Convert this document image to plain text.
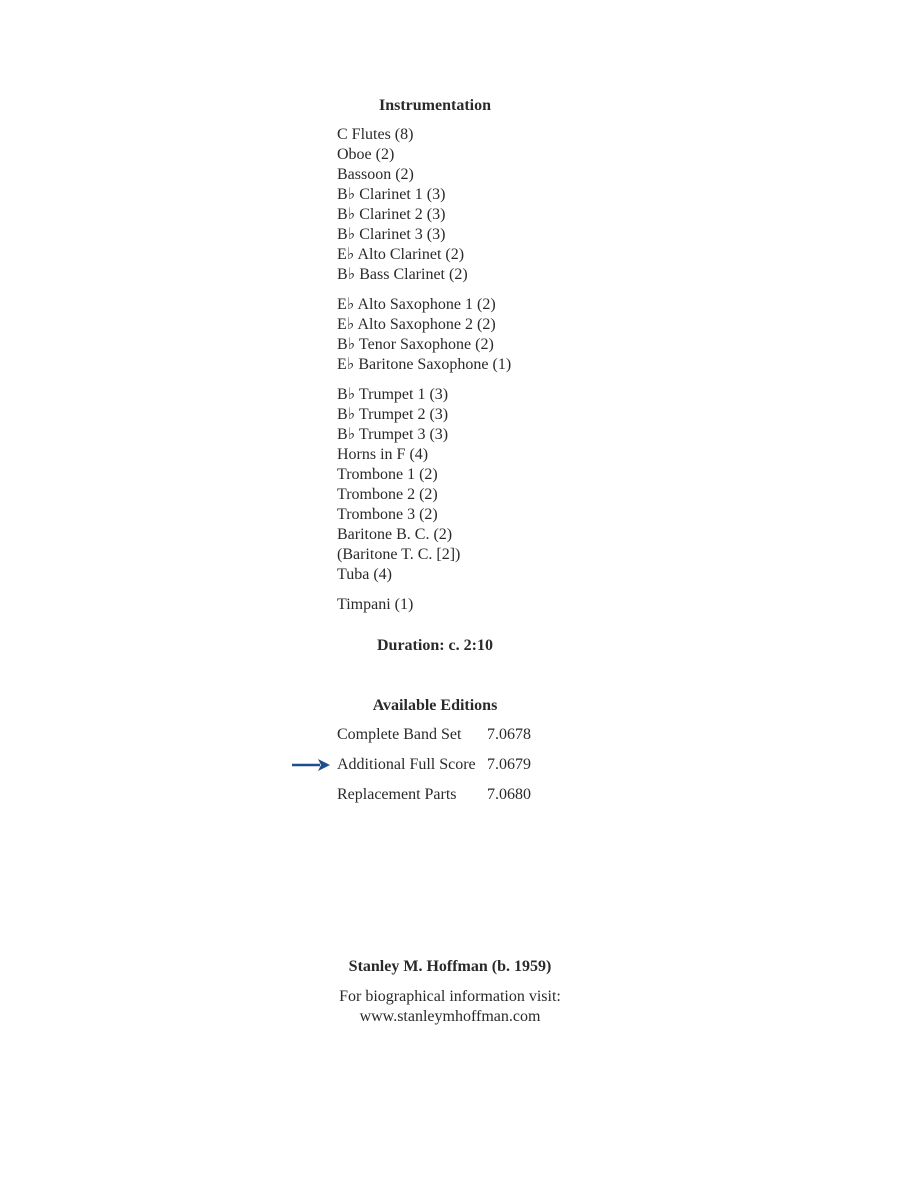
Instrumentation
C Flutes (8)
Oboe (2)
Bassoon (2)
B♭ Clarinet 1 (3)
B♭ Clarinet 2 (3)
B♭ Clarinet 3 (3)
E♭ Alto Clarinet (2)
B♭ Bass Clarinet (2)
E♭ Alto Saxophone 1 (2)
E♭ Alto Saxophone 2 (2)
B♭ Tenor Saxophone (2)
E♭ Baritone Saxophone (1)
B♭ Trumpet 1 (3)
B♭ Trumpet 2 (3)
B♭ Trumpet 3 (3)
Horns in F (4)
Trombone 1 (2)
Trombone 2 (2)
Trombone 3 (2)
Baritone B. C. (2)
(Baritone T. C. [2])
Tuba (4)
Timpani (1)
Duration: c. 2:10
Available Editions
Complete Band Set 7.0678
Additional Full Score 7.0679
Replacement Parts 7.0680
Stanley M. Hoffman (b. 1959)
For biographical information visit:
www.stanleymhoffman.com
